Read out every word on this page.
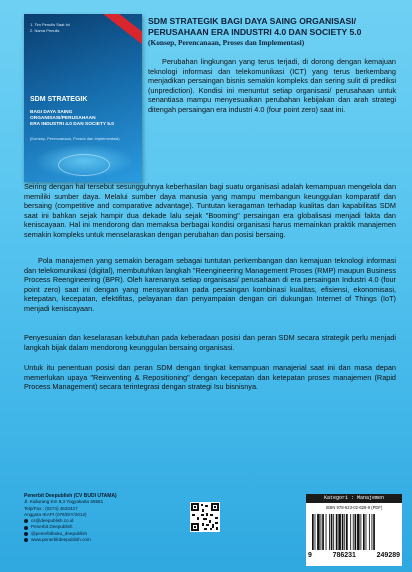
1. Tim Penulis Saat Ini
2. Nama Penulis
SDM STRATEGIK
BAGI DAYA SAING ORGANISASI/PERUSAHAAN
ERA INDUSTRI 4.0 DAN SOCIETY 5.0
(Konsep, Perencanaan, Proses dan Implementasi)
SDM STRATEGIK BAGI DAYA SAING ORGANISASI/ PERUSAHAAN ERA INDUSTRI 4.0 DAN SOCIETY 5.0
(Konsep, Perencanaan, Proses dan Implementasi)

Perubahan lingkungan yang terus terjadi, di dorong dengan kemajuan teknologi informasi dan telekomunikasi (ICT) yang terus berkembang menjadikan persaingan bisnis semakin kompleks dan sering sulit di prediksi (unprediction). Kondisi ini menuntut setiap organisasi/ perusahaan untuk senantiasa mampu menyesuaikan perubahan kebijakan dan arah strategi ditengah persaingan era industri 4.0 (four point zero) saat ini.

Seiring dengan hal tersebut sesungguhnya keberhasilan bagi suatu organisasi adalah kemampuan mengelola dan memiliki sumber daya. Melalui sumber daya manusia yang mampu membangun keunggulan komparatif dan bersaing (competitive and comparative advantage). Tuntutan keragaman terhadap kualitas dan kapabilitas SDM saat ini bahkan sejak hampir dua dekade lalu sejak "Booming" persaingan era globalisasi menjadi fakta dan keniscayaan. Hal ini mendorong dan memaksa berbagai kondisi organisasi harus memainkan praktik manajemen semakin kompleks untuk menselaraskan dengan perubahan dan posisi bersaing.

Pola manajemen yang semakin beragam sebagai tuntutan perkembangan dan kemajuan teknologi informasi dan telekomunikasi (digital), membutuhkan langkah "Reengineering Management Proses (RMP) maupun Business Process Reengineering (BPR). Oleh karenanya setiap organisasi/ perusahaan di era persaingan Industri 4.0 (four point zero) saat ini dengan yang mensyaratkan pada persaingan kombinasi kualitas, efisiensi, ekonomisasi, ketepatan, kecepatan, efektifitas, pelayanan dan penyampaian dengan ciri dukungan Internet of Things (IoT) menjadi keniscayaan.

Penyesuaian dan keselarasan kebutuhan pada keberadaan posisi dan peran SDM secara strategik perlu menjadi langkah bijak dalam mendorong keunggulan bersaing organisasi.

Untuk itu penentuan posisi dan peran SDM dengan tingkat kemampuan manajerial saat ini dan masa depan memerlukan upaya "Reinventing & Repositioning" dengan kecepatan dan ketepatan proses manajemen (Rapid Process Management) secara terintegrasi dengan strategi Isu bisnisnya.

Penerbit Deepublish (CV BUDI UTAMA)
Jl. Kaliurang Km 9,3 Yogyakarta 55581
Telp/Fax : (0274) 4533427
Anggota IKAPI (076/DIY/2012)
cs@deepublish.co.id
Penerbit Deepublish
@penerbitbuku_deepublish
www.penerbitdeepublish.com
Kategori : Manajemen
ISBN 978-623-02-628-9 (PDF)
9	786231	249289
